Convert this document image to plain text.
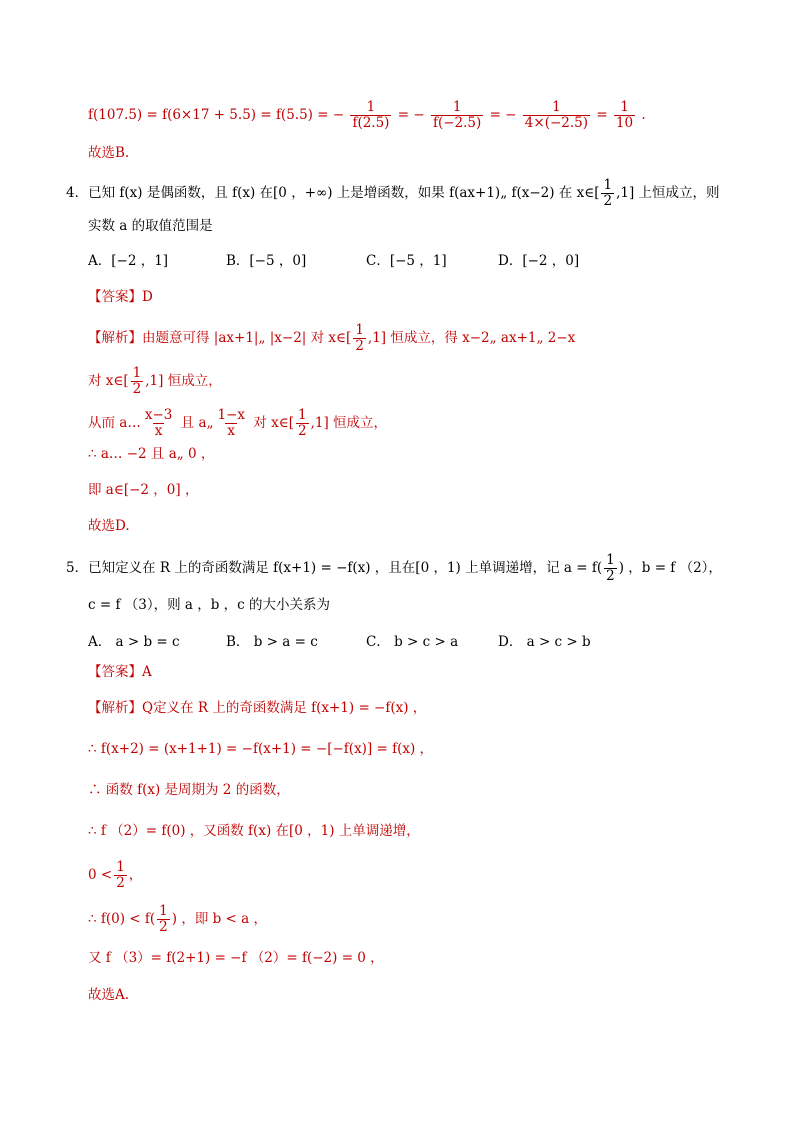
f(107.5) = f(6×17 + 5.5) = f(5.5) = − $\frac{1}{f(2.5)}$ = − $\frac{1}{f(-2.5)}$ = − $\frac{1}{4\times(-2.5)} = \frac{1}{10}$ .
故选B.
4．已知 f(x) 是偶函数，且 f(x) 在[0 ，+∞) 上是增函数，如果 f(ax+1)„ f(x−2) 在 x∈[ $\frac{1}{2} ,1$] 上恒成立，则
实数 a 的取值范围是
A．[−2 ，1]	B．[−5 ，0]	C．[−5 ，1]	D．[−2 ，0]
【答案】D
【解析】由题意可得 |ax+1|„ |x−2| 对 x∈[ $\frac{1}{2} ,1$] 恒成立，得 x−2„ ax+1„ 2−x
对 x∈[ $\frac{1}{2} ,1$] 恒成立，
从而 a… $\frac{x-3}{x}$ 且 a„ $\frac{1-x}{x}$ 对 x∈[ $\frac{1}{2} ,1$] 恒成立，
∴ a… −2 且 a„ 0 ，
即 a∈[−2 ，0] ，
故选D.
5．已知定义在 R 上的奇函数满足 f(x+1) = −f(x) ，且在[0 ，1) 上单调递增，记 $a = f( \frac{1}{2}$ ) ，b = f （2），
c = f （3），则 a ，b ，c 的大小关系为
A． a > b = c	B． b > a = c	C． b > c > a	D． a > c > b
【答案】A
【解析】Q定义在 R 上的奇函数满足 f(x+1) = −f(x) ，
∴ f(x+2) = (x+1+1) = −f(x+1) = −[−f(x)] = f(x) ，
∴ 函数 f(x) 是周期为 2 的函数，
∴ f （2）= f(0) ，又函数 f(x) 在[0 ，1) 上单调递增，
$0 < \frac{1}{2}$ ，
∴ $f(0) < f( \frac{1}{2}$ ) ，即 b < a ，
又 f （3）= f(2+1) = −f （2）= f(−2) = 0 ，
故选A.
